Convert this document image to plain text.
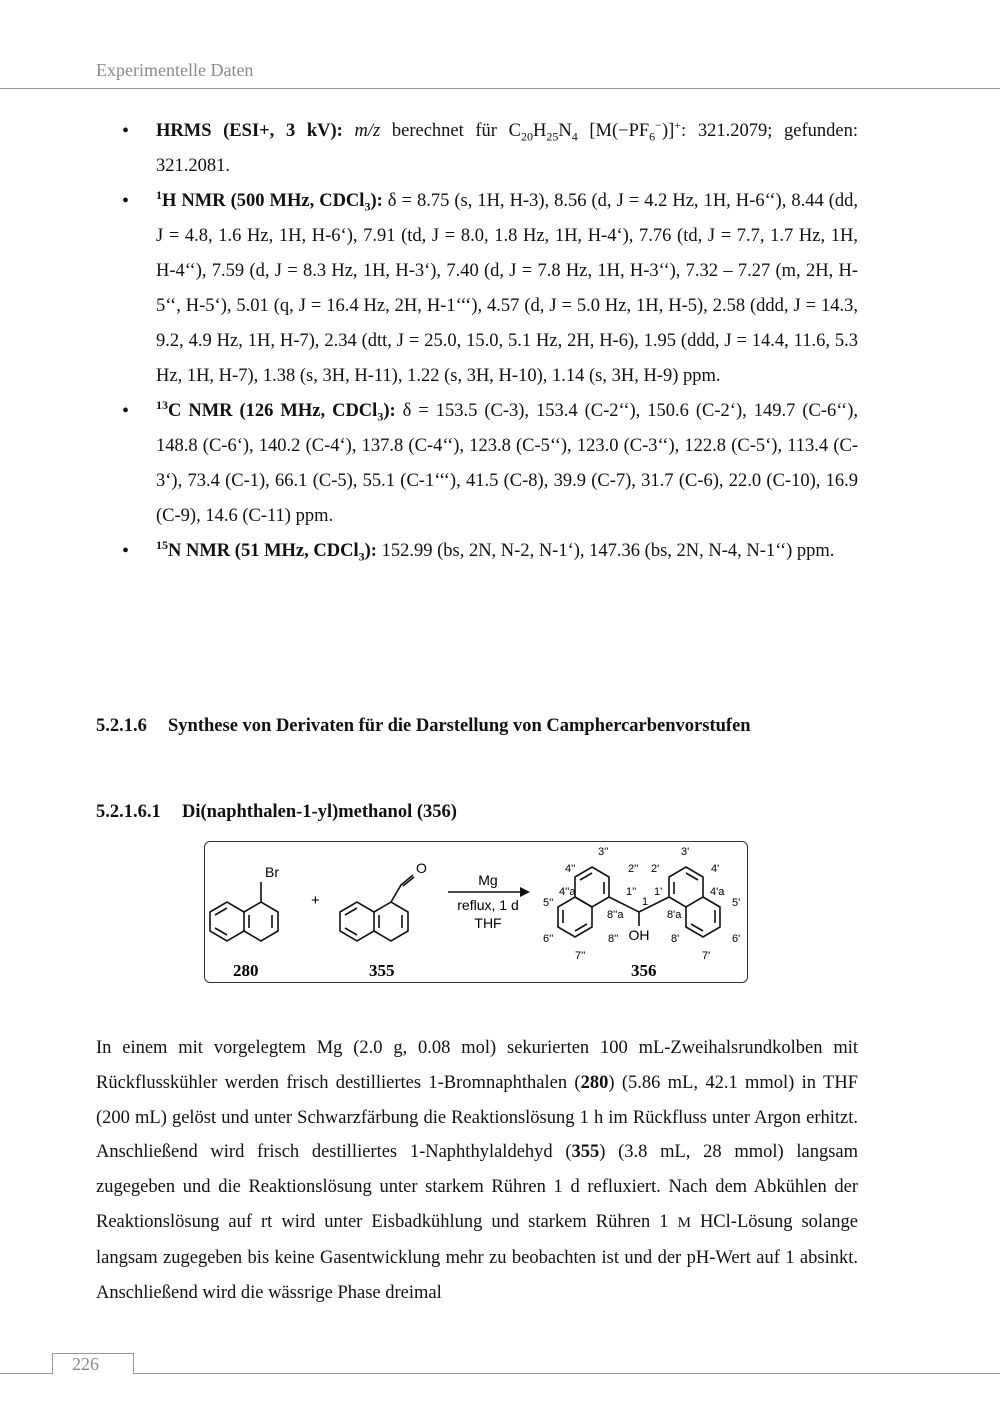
Experimentelle Daten
• HRMS (ESI+, 3 kV): m/z berechnet für $C_{20}H_{25}N_4$ $[M(-PF_6^-)]^+$: 321.2079; gefunden: 321.2081.
• $^1$H NMR (500 MHz, CDCl$_3$): δ = 8.75 (s, 1H, H-3), 8.56 (d, J = 4.2 Hz, 1H, H-6‘‘), 8.44 (dd, J = 4.8, 1.6 Hz, 1H, H-6‘), 7.91 (td, J = 8.0, 1.8 Hz, 1H, H-4‘), 7.76 (td, J = 7.7, 1.7 Hz, 1H, H-4‘‘), 7.59 (d, J = 8.3 Hz, 1H, H-3‘), 7.40 (d, J = 7.8 Hz, 1H, H-3‘‘), 7.32 – 7.27 (m, 2H, H-5‘‘, H-5‘), 5.01 (q, J = 16.4 Hz, 2H, H-1‘‘‘), 4.57 (d, J = 5.0 Hz, 1H, H-5), 2.58 (ddd, J = 14.3, 9.2, 4.9 Hz, 1H, H-7), 2.34 (dtt, J = 25.0, 15.0, 5.1 Hz, 2H, H-6), 1.95 (ddd, J = 14.4, 11.6, 5.3 Hz, 1H, H-7), 1.38 (s, 3H, H-11), 1.22 (s, 3H, H-10), 1.14 (s, 3H, H-9) ppm.
• $^{13}$C NMR (126 MHz, CDCl$_3$): δ = 153.5 (C-3), 153.4 (C-2‘‘), 150.6 (C-2‘), 149.7 (C-6‘‘), 148.8 (C-6‘), 140.2 (C-4‘), 137.8 (C-4‘‘), 123.8 (C-5‘‘), 123.0 (C-3‘‘), 122.8 (C-5‘), 113.4 (C-3‘), 73.4 (C-1), 66.1 (C-5), 55.1 (C-1‘‘‘), 41.5 (C-8), 39.9 (C-7), 31.7 (C-6), 22.0 (C-10), 16.9 (C-9), 14.6 (C-11) ppm.
• $^{15}$N NMR (51 MHz, CDCl$_3$): 152.99 (bs, 2N, N-2, N-1‘), 147.36 (bs, 2N, N-4, N-1‘‘) ppm.
5.2.1.6 Synthese von Derivaten für die Darstellung von Camphercarbenvorstufen
5.2.1.6.1 Di(naphthalen-1-yl)methanol (356)
Br
+
O
Mg
reflux, 1 d
THF
OH
3''	3'
4''	2'' 2'	4'
4''a	1'' 1'	4'a
1
5''	5'
8''a	8'a
6''	8''	8'	6'
7''	7'
280	355	356
In einem mit vorgelegtem Mg (2.0 g, 0.08 mol) sekurierten 100 mL-Zweihalsrundkolben mit Rückflusskühler werden frisch destilliertes 1-Bromnaphthalen (280) (5.86 mL, 42.1 mmol) in THF (200 mL) gelöst und unter Schwarzfärbung die Reaktionslösung 1 h im Rückfluss unter Argon erhitzt. Anschließend wird frisch destilliertes 1-Naphthylaldehyd (355) (3.8 mL, 28 mmol) langsam zugegeben und die Reaktionslösung unter starkem Rühren 1 d refluxiert. Nach dem Abkühlen der Reaktionslösung auf rt wird unter Eisbadkühlung und starkem Rühren 1 M HCl-Lösung solange langsam zugegeben bis keine Gasentwicklung mehr zu beobachten ist und der pH-Wert auf 1 absinkt. Anschließend wird die wässrige Phase dreimal
226
